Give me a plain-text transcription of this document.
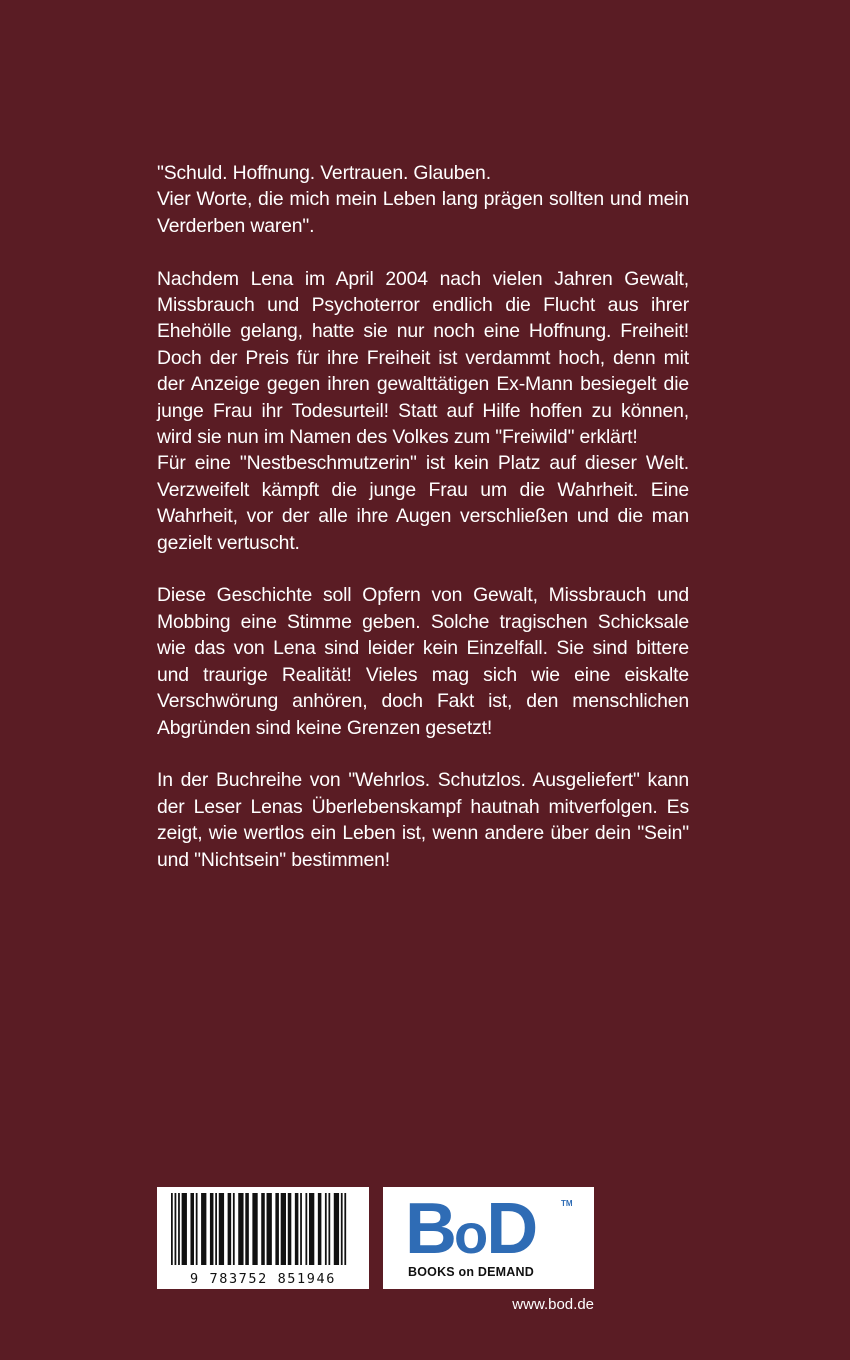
"Schuld. Hoffnung. Vertrauen. Glauben.

Vier Worte, die mich mein Leben lang prägen sollten und mein Verderben waren".

Nachdem Lena im April 2004 nach vielen Jahren Gewalt, Missbrauch und Psychoterror endlich die Flucht aus ihrer Ehehölle gelang, hatte sie nur noch eine Hoffnung. Freiheit! Doch der Preis für ihre Freiheit ist verdammt hoch, denn mit der Anzeige gegen ihren gewalttätigen Ex-Mann besiegelt die junge Frau ihr Todesurteil! Statt auf Hilfe hoffen zu können, wird sie nun im Namen des Volkes zum "Freiwild" erklärt!

Für eine "Nestbeschmutzerin" ist kein Platz auf dieser Welt. Verzweifelt kämpft die junge Frau um die Wahrheit. Eine Wahrheit, vor der alle ihre Augen verschließen und die man gezielt vertuscht.

Diese Geschichte soll Opfern von Gewalt, Missbrauch und Mobbing eine Stimme geben. Solche tragischen Schicksale wie das von Lena sind leider kein Einzelfall. Sie sind bittere und traurige Realität! Vieles mag sich wie eine eiskalte Verschwörung anhören, doch Fakt ist, den menschlichen Abgründen sind keine Grenzen gesetzt!

In der Buchreihe von "Wehrlos. Schutzlos. Ausgeliefert" kann der Leser Lenas Überlebenskampf hautnah mitverfolgen. Es zeigt, wie wertlos ein Leben ist, wenn andere über dein "Sein" und "Nichtsein" bestimmen!

9 783752 851946
BoD	TM
BOOKS on DEMAND
www.bod.de
